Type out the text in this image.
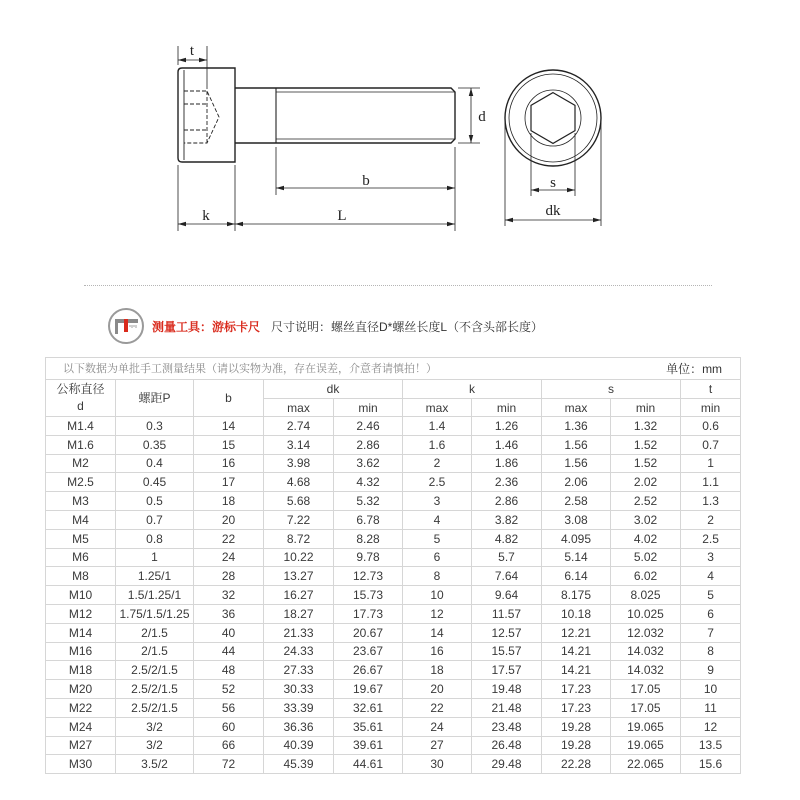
t
d
b
k	L
s
dk
测量工具：游标卡尺 尺寸说明：螺丝直径D*螺丝长度L（不含头部长度）
以下数据为单批手工测量结果（请以实物为准，存在误差，介意者请慎拍！） 单位：mm									

公称直径
d	螺距P	b	dk		k		s		t
			max	min	max	min	max	min	min
M1.4	0.3	14	2.74	2.46	1.4	1.26	1.36	1.32	0.6
M1.6	0.35	15	3.14	2.86	1.6	1.46	1.56	1.52	0.7
M2	0.4	16	3.98	3.62	2	1.86	1.56	1.52	1
M2.5	0.45	17	4.68	4.32	2.5	2.36	2.06	2.02	1.1
M3	0.5	18	5.68	5.32	3	2.86	2.58	2.52	1.3
M4	0.7	20	7.22	6.78	4	3.82	3.08	3.02	2
M5	0.8	22	8.72	8.28	5	4.82	4.095	4.02	2.5
M6	1	24	10.22	9.78	6	5.7	5.14	5.02	3
M8	1.25/1	28	13.27	12.73	8	7.64	6.14	6.02	4
M10	1.5/1.25/1	32	16.27	15.73	10	9.64	8.175	8.025	5
M12	1.75/1.5/1.25	36	18.27	17.73	12	11.57	10.18	10.025	6
M14	2/1.5	40	21.33	20.67	14	12.57	12.21	12.032	7
M16	2/1.5	44	24.33	23.67	16	15.57	14.21	14.032	8
M18	2.5/2/1.5	48	27.33	26.67	18	17.57	14.21	14.032	9
M20	2.5/2/1.5	52	30.33	19.67	20	19.48	17.23	17.05	10
M22	2.5/2/1.5	56	33.39	32.61	22	21.48	17.23	17.05	11
M24	3/2	60	36.36	35.61	24	23.48	19.28	19.065	12
M27	3/2	66	40.39	39.61	27	26.48	19.28	19.065	13.5
M30	3.5/2	72	45.39	44.61	30	29.48	22.28	22.065	15.6
